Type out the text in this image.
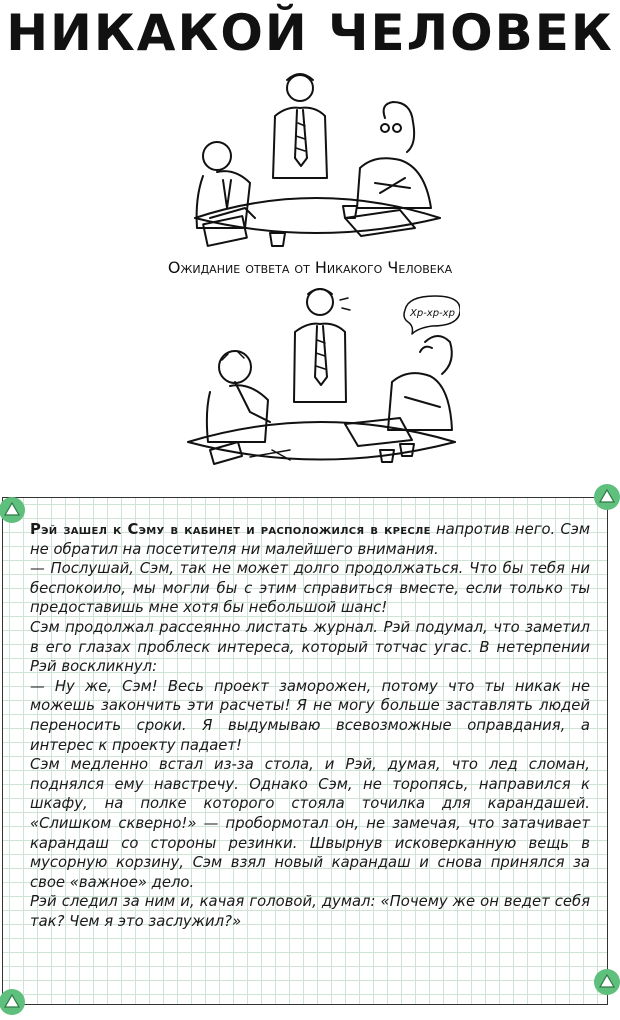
НИКАКОЙ ЧЕЛОВЕК
Ожидание ответа от Никакого Человека
Хр-хр-хр

Рэй зашел к Сэму в кабинет и расположился в кресле напротив него. Сэм не обратил на посетителя ни малейшего внимания.

— Послушай, Сэм, так не может долго продолжаться. Что бы тебя ни беспокоило, мы могли бы с этим справиться вместе, если только ты предоставишь мне хотя бы небольшой шанс!

Сэм продолжал рассеянно листать журнал. Рэй подумал, что заметил в его глазах проблеск интереса, который тотчас угас. В нетерпении Рэй воскликнул:

— Ну же, Сэм! Весь проект заморожен, потому что ты никак не можешь закончить эти расчеты! Я не могу больше заставлять людей переносить сроки. Я выдумываю всевозможные оправдания, а интерес к проекту падает!

Сэм медленно встал из-за стола, и Рэй, думая, что лед сломан, поднялся ему навстречу. Однако Сэм, не торопясь, направился к шкафу, на полке которого стояла точилка для карандашей. «Слишком скверно!» — пробормотал он, не замечая, что затачивает карандаш со стороны резинки. Швырнув исковерканную вещь в мусорную корзину, Сэм взял новый карандаш и снова принялся за свое «важное» дело.

Рэй следил за ним и, качая головой, думал: «Почему же он ведет себя так? Чем я это заслужил?»
